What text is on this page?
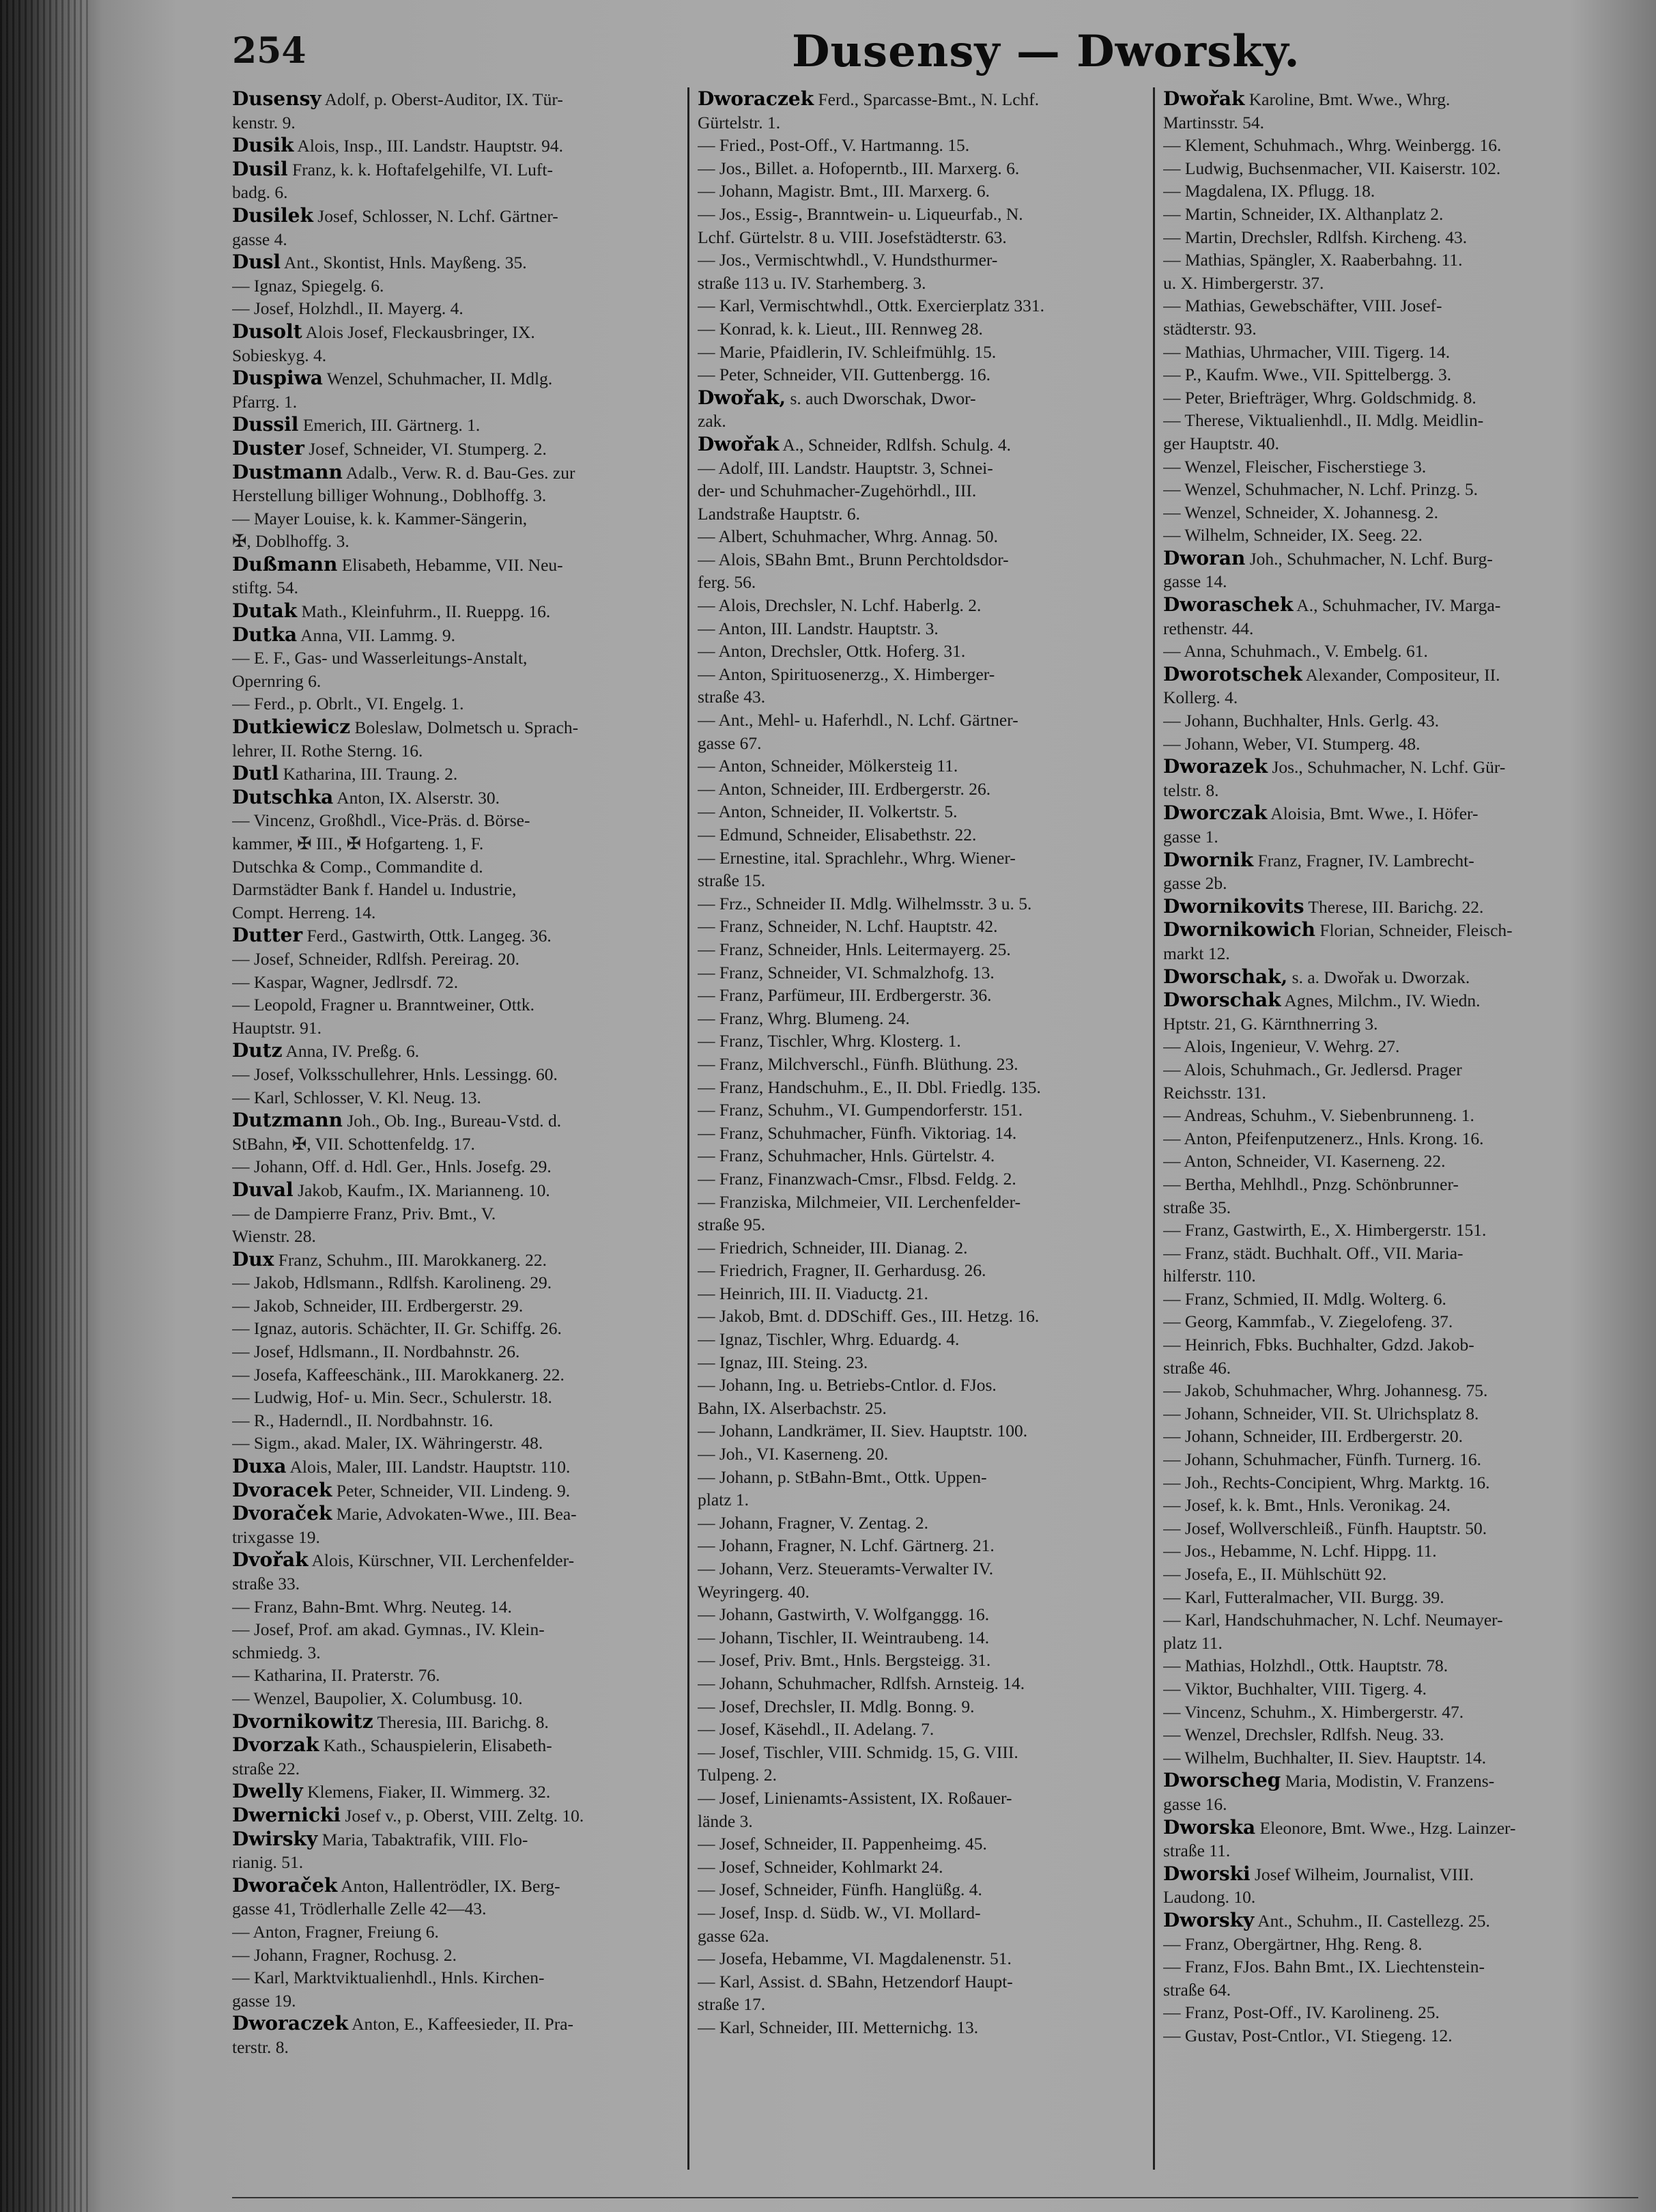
254	Dusensy — Dworsky.
Dusensy Adolf, p. Oberst-Auditor, IX. Tür-
kenstr. 9.
Dusik Alois, Insp., III. Landstr. Hauptstr. 94.
Dusil Franz, k. k. Hoftafelgehilfe, VI. Luft-
badg. 6.
Dusilek Josef, Schlosser, N. Lchf. Gärtner-
gasse 4.
Dusl Ant., Skontist, Hnls. Mayßeng. 35.
— Ignaz, Spiegelg. 6.
— Josef, Holzhdl., II. Mayerg. 4.
Dusolt Alois Josef, Fleckausbringer, IX.
Sobieskyg. 4.
Duspiwa Wenzel, Schuhmacher, II. Mdlg.
Pfarrg. 1.
Dussil Emerich, III. Gärtnerg. 1.
Duster Josef, Schneider, VI. Stumperg. 2.
Dustmann Adalb., Verw. R. d. Bau-Ges. zur
Herstellung billiger Wohnung., Doblhoffg. 3.
— Mayer Louise, k. k. Kammer-Sängerin,
✠, Doblhoffg. 3.
Dußmann Elisabeth, Hebamme, VII. Neu-
stiftg. 54.
Dutak Math., Kleinfuhrm., II. Rueppg. 16.
Dutka Anna, VII. Lammg. 9.
— E. F., Gas- und Wasserleitungs-Anstalt,
Opernring 6.
— Ferd., p. Obrlt., VI. Engelg. 1.
Dutkiewicz Boleslaw, Dolmetsch u. Sprach-
lehrer, II. Rothe Sterng. 16.
Dutl Katharina, III. Traung. 2.
Dutschka Anton, IX. Alserstr. 30.
— Vincenz, Großhdl., Vice-Präs. d. Börse-
kammer, ✠ III., ✠ Hofgarteng. 1, F.
Dutschka & Comp., Commandite d.
Darmstädter Bank f. Handel u. Industrie,
Compt. Herreng. 14.
Dutter Ferd., Gastwirth, Ottk. Langeg. 36.
— Josef, Schneider, Rdlfsh. Pereirag. 20.
— Kaspar, Wagner, Jedlrsdf. 72.
— Leopold, Fragner u. Branntweiner, Ottk.
Hauptstr. 91.
Dutz Anna, IV. Preßg. 6.
— Josef, Volksschullehrer, Hnls. Lessingg. 60.
— Karl, Schlosser, V. Kl. Neug. 13.
Dutzmann Joh., Ob. Ing., Bureau-Vstd. d.
StBahn, ✠, VII. Schottenfeldg. 17.
— Johann, Off. d. Hdl. Ger., Hnls. Josefg. 29.
Duval Jakob, Kaufm., IX. Marianneng. 10.
— de Dampierre Franz, Priv. Bmt., V.
Wienstr. 28.
Dux Franz, Schuhm., III. Marokkanerg. 22.
— Jakob, Hdlsmann., Rdlfsh. Karolineng. 29.
— Jakob, Schneider, III. Erdbergerstr. 29.
— Ignaz, autoris. Schächter, II. Gr. Schiffg. 26.
— Josef, Hdlsmann., II. Nordbahnstr. 26.
— Josefa, Kaffeeschänk., III. Marokkanerg. 22.
— Ludwig, Hof- u. Min. Secr., Schulerstr. 18.
— R., Haderndl., II. Nordbahnstr. 16.
— Sigm., akad. Maler, IX. Währingerstr. 48.
Duxa Alois, Maler, III. Landstr. Hauptstr. 110.
Dvoracek Peter, Schneider, VII. Lindeng. 9.
Dvoraček Marie, Advokaten-Wwe., III. Bea-
trixgasse 19.
Dvořak Alois, Kürschner, VII. Lerchenfelder-
straße 33.
— Franz, Bahn-Bmt. Whrg. Neuteg. 14.
— Josef, Prof. am akad. Gymnas., IV. Klein-
schmiedg. 3.
— Katharina, II. Praterstr. 76.
— Wenzel, Baupolier, X. Columbusg. 10.
Dvornikowitz Theresia, III. Barichg. 8.
Dvorzak Kath., Schauspielerin, Elisabeth-
straße 22.
Dwelly Klemens, Fiaker, II. Wimmerg. 32.
Dwernicki Josef v., p. Oberst, VIII. Zeltg. 10.
Dwirsky Maria, Tabaktrafik, VIII. Flo-
rianig. 51.
Dworaček Anton, Hallentrödler, IX. Berg-
gasse 41, Trödlerhalle Zelle 42—43.
— Anton, Fragner, Freiung 6.
— Johann, Fragner, Rochusg. 2.
— Karl, Marktviktualienhdl., Hnls. Kirchen-
gasse 19.
Dworaczek Anton, E., Kaffeesieder, II. Pra-
terstr. 8.
Dworaczek Ferd., Sparcasse-Bmt., N. Lchf.
Gürtelstr. 1.
— Fried., Post-Off., V. Hartmanng. 15.
— Jos., Billet. a. Hofoperntb., III. Marxerg. 6.
— Johann, Magistr. Bmt., III. Marxerg. 6.
— Jos., Essig-, Branntwein- u. Liqueurfab., N.
Lchf. Gürtelstr. 8 u. VIII. Josefstädterstr. 63.
— Jos., Vermischtwhdl., V. Hundsthurmer-
straße 113 u. IV. Starhemberg. 3.
— Karl, Vermischtwhdl., Ottk. Exercierplatz 331.
— Konrad, k. k. Lieut., III. Rennweg 28.
— Marie, Pfaidlerin, IV. Schleifmühlg. 15.
— Peter, Schneider, VII. Guttenbergg. 16.
Dwořak, s. auch Dworschak, Dwor-
zak.
Dwořak A., Schneider, Rdlfsh. Schulg. 4.
— Adolf, III. Landstr. Hauptstr. 3, Schnei-
der- und Schuhmacher-Zugehörhdl., III.
Landstraße Hauptstr. 6.
— Albert, Schuhmacher, Whrg. Annag. 50.
— Alois, SBahn Bmt., Brunn Perchtoldsdor-
ferg. 56.
— Alois, Drechsler, N. Lchf. Haberlg. 2.
— Anton, III. Landstr. Hauptstr. 3.
— Anton, Drechsler, Ottk. Hoferg. 31.
— Anton, Spirituosenerzg., X. Himberger-
straße 43.
— Ant., Mehl- u. Haferhdl., N. Lchf. Gärtner-
gasse 67.
— Anton, Schneider, Mölkersteig 11.
— Anton, Schneider, III. Erdbergerstr. 26.
— Anton, Schneider, II. Volkertstr. 5.
— Edmund, Schneider, Elisabethstr. 22.
— Ernestine, ital. Sprachlehr., Whrg. Wiener-
straße 15.
— Frz., Schneider II. Mdlg. Wilhelmsstr. 3 u. 5.
— Franz, Schneider, N. Lchf. Hauptstr. 42.
— Franz, Schneider, Hnls. Leitermayerg. 25.
— Franz, Schneider, VI. Schmalzhofg. 13.
— Franz, Parfümeur, III. Erdbergerstr. 36.
— Franz, Whrg. Blumeng. 24.
— Franz, Tischler, Whrg. Klosterg. 1.
— Franz, Milchverschl., Fünfh. Blüthung. 23.
— Franz, Handschuhm., E., II. Dbl. Friedlg. 135.
— Franz, Schuhm., VI. Gumpendorferstr. 151.
— Franz, Schuhmacher, Fünfh. Viktoriag. 14.
— Franz, Schuhmacher, Hnls. Gürtelstr. 4.
— Franz, Finanzwach-Cmsr., Flbsd. Feldg. 2.
— Franziska, Milchmeier, VII. Lerchenfelder-
straße 95.
— Friedrich, Schneider, III. Dianag. 2.
— Friedrich, Fragner, II. Gerhardusg. 26.
— Heinrich, III. II. Viaductg. 21.
— Jakob, Bmt. d. DDSchiff. Ges., III. Hetzg. 16.
— Ignaz, Tischler, Whrg. Eduardg. 4.
— Ignaz, III. Steing. 23.
— Johann, Ing. u. Betriebs-Cntlor. d. FJos.
Bahn, IX. Alserbachstr. 25.
— Johann, Landkrämer, II. Siev. Hauptstr. 100.
— Joh., VI. Kaserneng. 20.
— Johann, p. StBahn-Bmt., Ottk. Uppen-
platz 1.
— Johann, Fragner, V. Zentag. 2.
— Johann, Fragner, N. Lchf. Gärtnerg. 21.
— Johann, Verz. Steueramts-Verwalter IV.
Weyringerg. 40.
— Johann, Gastwirth, V. Wolfganggg. 16.
— Johann, Tischler, II. Weintraubeng. 14.
— Josef, Priv. Bmt., Hnls. Bergsteigg. 31.
— Johann, Schuhmacher, Rdlfsh. Arnsteig. 14.
— Josef, Drechsler, II. Mdlg. Bonng. 9.
— Josef, Käsehdl., II. Adelang. 7.
— Josef, Tischler, VIII. Schmidg. 15, G. VIII.
Tulpeng. 2.
— Josef, Linienamts-Assistent, IX. Roßauer-
lände 3.
— Josef, Schneider, II. Pappenheimg. 45.
— Josef, Schneider, Kohlmarkt 24.
— Josef, Schneider, Fünfh. Hanglüßg. 4.
— Josef, Insp. d. Südb. W., VI. Mollard-
gasse 62a.
— Josefa, Hebamme, VI. Magdalenenstr. 51.
— Karl, Assist. d. SBahn, Hetzendorf Haupt-
straße 17.
— Karl, Schneider, III. Metternichg. 13.
Dwořak Karoline, Bmt. Wwe., Whrg.
Martinsstr. 54.
— Klement, Schuhmach., Whrg. Weinbergg. 16.
— Ludwig, Buchsenmacher, VII. Kaiserstr. 102.
— Magdalena, IX. Pflugg. 18.
— Martin, Schneider, IX. Althanplatz 2.
— Martin, Drechsler, Rdlfsh. Kircheng. 43.
— Mathias, Spängler, X. Raaberbahng. 11.
u. X. Himbergerstr. 37.
— Mathias, Gewebschäfter, VIII. Josef-
städterstr. 93.
— Mathias, Uhrmacher, VIII. Tigerg. 14.
— P., Kaufm. Wwe., VII. Spittelbergg. 3.
— Peter, Briefträger, Whrg. Goldschmidg. 8.
— Therese, Viktualienhdl., II. Mdlg. Meidlin-
ger Hauptstr. 40.
— Wenzel, Fleischer, Fischerstiege 3.
— Wenzel, Schuhmacher, N. Lchf. Prinzg. 5.
— Wenzel, Schneider, X. Johannesg. 2.
— Wilhelm, Schneider, IX. Seeg. 22.
Dworan Joh., Schuhmacher, N. Lchf. Burg-
gasse 14.
Dworaschek A., Schuhmacher, IV. Marga-
rethenstr. 44.
— Anna, Schuhmach., V. Embelg. 61.
Dworotschek Alexander, Compositeur, II.
Kollerg. 4.
— Johann, Buchhalter, Hnls. Gerlg. 43.
— Johann, Weber, VI. Stumperg. 48.
Dworazek Jos., Schuhmacher, N. Lchf. Gür-
telstr. 8.
Dworczak Aloisia, Bmt. Wwe., I. Höfer-
gasse 1.
Dwornik Franz, Fragner, IV. Lambrecht-
gasse 2b.
Dwornikovits Therese, III. Barichg. 22.
Dwornikowich Florian, Schneider, Fleisch-
markt 12.
Dworschak, s. a. Dwořak u. Dworzak.
Dworschak Agnes, Milchm., IV. Wiedn.
Hptstr. 21, G. Kärnthnerring 3.
— Alois, Ingenieur, V. Wehrg. 27.
— Alois, Schuhmach., Gr. Jedlersd. Prager
Reichsstr. 131.
— Andreas, Schuhm., V. Siebenbrunneng. 1.
— Anton, Pfeifenputzenerz., Hnls. Krong. 16.
— Anton, Schneider, VI. Kaserneng. 22.
— Bertha, Mehlhdl., Pnzg. Schönbrunner-
straße 35.
— Franz, Gastwirth, E., X. Himbergerstr. 151.
— Franz, städt. Buchhalt. Off., VII. Maria-
hilferstr. 110.
— Franz, Schmied, II. Mdlg. Wolterg. 6.
— Georg, Kammfab., V. Ziegelofeng. 37.
— Heinrich, Fbks. Buchhalter, Gdzd. Jakob-
straße 46.
— Jakob, Schuhmacher, Whrg. Johannesg. 75.
— Johann, Schneider, VII. St. Ulrichsplatz 8.
— Johann, Schneider, III. Erdbergerstr. 20.
— Johann, Schuhmacher, Fünfh. Turnerg. 16.
— Joh., Rechts-Concipient, Whrg. Marktg. 16.
— Josef, k. k. Bmt., Hnls. Veronikag. 24.
— Josef, Wollverschleiß., Fünfh. Hauptstr. 50.
— Jos., Hebamme, N. Lchf. Hippg. 11.
— Josefa, E., II. Mühlschütt 92.
— Karl, Futteralmacher, VII. Burgg. 39.
— Karl, Handschuhmacher, N. Lchf. Neumayer-
platz 11.
— Mathias, Holzhdl., Ottk. Hauptstr. 78.
— Viktor, Buchhalter, VIII. Tigerg. 4.
— Vincenz, Schuhm., X. Himbergerstr. 47.
— Wenzel, Drechsler, Rdlfsh. Neug. 33.
— Wilhelm, Buchhalter, II. Siev. Hauptstr. 14.
Dworscheg Maria, Modistin, V. Franzens-
gasse 16.
Dworska Eleonore, Bmt. Wwe., Hzg. Lainzer-
straße 11.
Dworski Josef Wilheim, Journalist, VIII.
Laudong. 10.
Dworsky Ant., Schuhm., II. Castellezg. 25.
— Franz, Obergärtner, Hhg. Reng. 8.
— Franz, FJos. Bahn Bmt., IX. Liechtenstein-
straße 64.
— Franz, Post-Off., IV. Karolineng. 25.
— Gustav, Post-Cntlor., VI. Stiegeng. 12.
